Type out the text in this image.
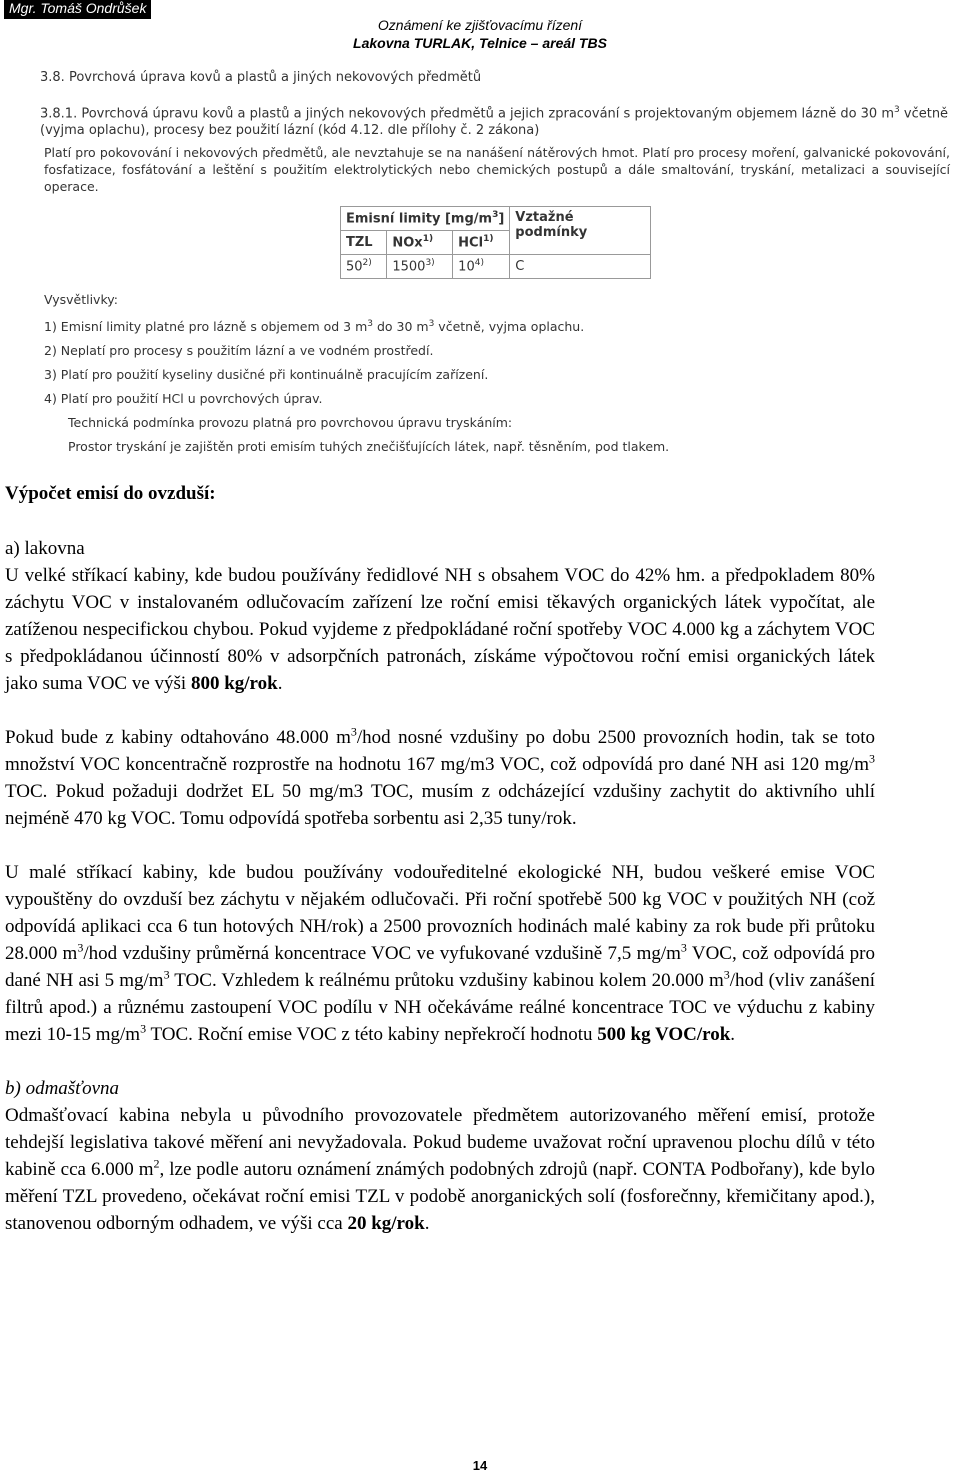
Mgr. Tomáš Ondrůšek
Oznámení ke zjišťovacímu řízení
Lakovna TURLAK, Telnice – areál TBS
3.8. Povrchová úprava kovů a plastů a jiných nekovových předmětů
3.8.1. Povrchová úpravu kovů a plastů a jiných nekovových předmětů a jejich zpracování s projektovaným objemem lázně do 30 $m^3$ včetně (vyjma oplachu), procesy bez použití lázní (kód 4.12. dle přílohy č. 2 zákona)
Platí pro pokovování i nekovových předmětů, ale nevztahuje se na nanášení nátěrových hmot. Platí pro procesy moření, galvanické pokovování, fosfatizace, fosfátování a leštění s použitím elektrolytických nebo chemických postupů a dále smaltování, tryskání, metalizaci a související operace.
Emisní limity $[mg/m^3]$			Vztažné podmínky
TZL	NOx$^{1)}$	HCl$^{1)}$
50$^{2)}$	1500$^{3)}$	10$^{4)}$	C
Vysvětlivky:
1) Emisní limity platné pro lázně s objemem od 3 $m^3$ do 30 $m^3$ včetně, vyjma oplachu.
2) Neplatí pro procesy s použitím lázní a ve vodném prostředí.
3) Platí pro použití kyseliny dusičné při kontinuálně pracujícím zařízení.
4) Platí pro použití HCl u povrchových úprav.
Technická podmínka provozu platná pro povrchovou úpravu tryskáním:
Prostor tryskání je zajištěn proti emisím tuhých znečišťujících látek, např. těsněním, pod tlakem.

Výpočet emisí do ovzduší:

a) lakovna

U velké stříkací kabiny, kde budou používány ředidlové NH s obsahem VOC do 42% hm. a předpokladem 80% záchytu VOC v instalovaném odlučovacím zařízení lze roční emisi těkavých organických látek vypočítat, ale zatíženou nespecifickou chybou. Pokud vyjdeme z předpokládané roční spotřeby VOC 4.000 kg a záchytem VOC s předpokládanou účinností 80% v adsorpčních patronách, získáme výpočtovou roční emisi organických látek jako suma VOC ve výši 800 kg/rok.

Pokud bude z kabiny odtahováno 48.000 $m^3$/hod nosné vzdušiny po dobu 2500 provozních hodin, tak se toto množství VOC koncentračně rozprostře na hodnotu 167 mg/m3 VOC, což odpovídá pro dané NH asi 120 $mg/m^3$ TOC. Pokud požaduji dodržet EL 50 mg/m3 TOC, musím z odcházející vzdušiny zachytit do aktivního uhlí nejméně 470 kg VOC. Tomu odpovídá spotřeba sorbentu asi 2,35 tuny/rok.

U malé stříkací kabiny, kde budou používány vodouředitelné ekologické NH, budou veškeré emise VOC vypouštěny do ovzduší bez záchytu v nějakém odlučovači. Při roční spotřebě 500 kg VOC v použitých NH (což odpovídá aplikaci cca 6 tun hotových NH/rok) a 2500 provozních hodinách malé kabiny za rok bude při průtoku 28.000 $m^3$/hod vzdušiny průměrná koncentrace VOC ve vyfukované vzdušině 7,5 $mg/m^3$ VOC, což odpovídá pro dané NH asi 5 $mg/m^3$ TOC. Vzhledem k reálnému průtoku vzdušiny kabinou kolem 20.000 $m^3$/hod (vliv zanášení filtrů apod.) a různému zastoupení VOC podílu v NH očekáváme reálné koncentrace TOC ve výduchu z kabiny mezi 10-15 $mg/m^3$ TOC. Roční emise VOC z této kabiny nepřekročí hodnotu 500 kg VOC/rok.

b) odmašťovna

Odmašťovací kabina nebyla u původního provozovatele předmětem autorizovaného měření emisí, protože tehdejší legislativa takové měření ani nevyžadovala. Pokud budeme uvažovat roční upravenou plochu dílů v této kabině cca 6.000 $m^2$, lze podle autoru oznámení známých podobných zdrojů (např. CONTA Podbořany), kde bylo měření TZL provedeno, očekávat roční emisi TZL v podobě anorganických solí (fosforečnny, křemičitany apod.), stanovenou odborným odhadem, ve výši cca 20 kg/rok.

14
